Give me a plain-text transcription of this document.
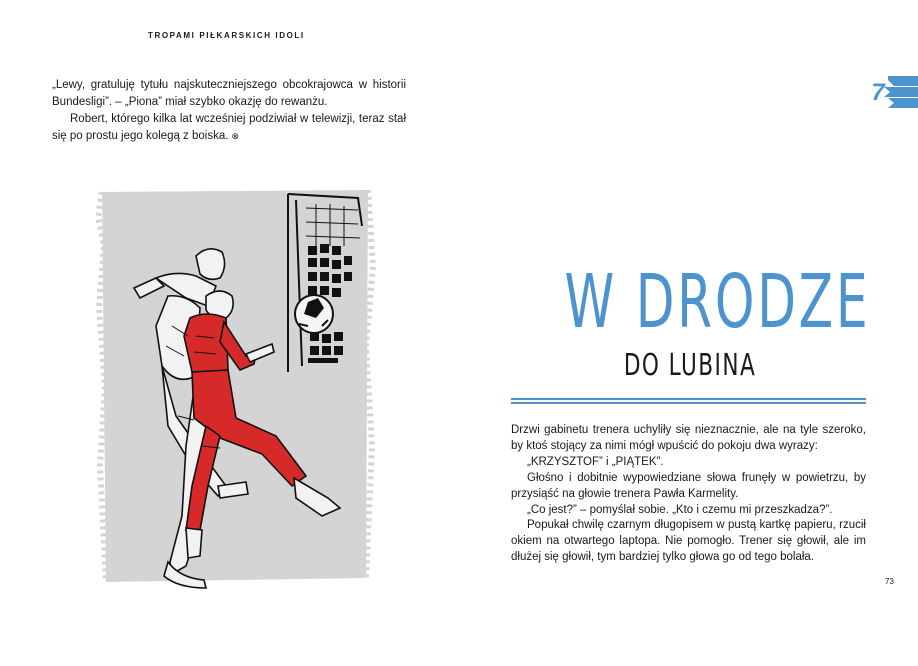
TROPAMI PIŁKARSKICH IDOLI

„Lewy, gratuluję tytułu najskuteczniejszego obcokrajowca w historii Bundesligi”. – „Piona” miał szybko okazję do rewanżu.

Robert, którego kilka lat wcześniej podziwiał w telewizji, teraz stał się po prostu jego kolegą z boiska. ⊗

7
W DRODZE
DO LUBINA

Drzwi gabinetu trenera uchyliły się nieznacznie, ale na tyle szeroko, by ktoś stojący za nimi mógł wpuścić do pokoju dwa wyrazy:

„KRZYSZTOF” i „PIĄTEK”.

Głośno i dobitnie wypowiedziane słowa frunęły w powietrzu, by przysiąść na głowie trenera Pawła Karmelity.

„Co jest?” – pomyślał sobie. „Kto i czemu mi przeszkadza?”.

Popukał chwilę czarnym długopisem w pustą kartkę papieru, rzucił okiem na otwartego laptopa. Nie pomogło. Trener się głowił, ale im dłużej się głowił, tym bardziej tylko głowa go od tego bolała.

73
